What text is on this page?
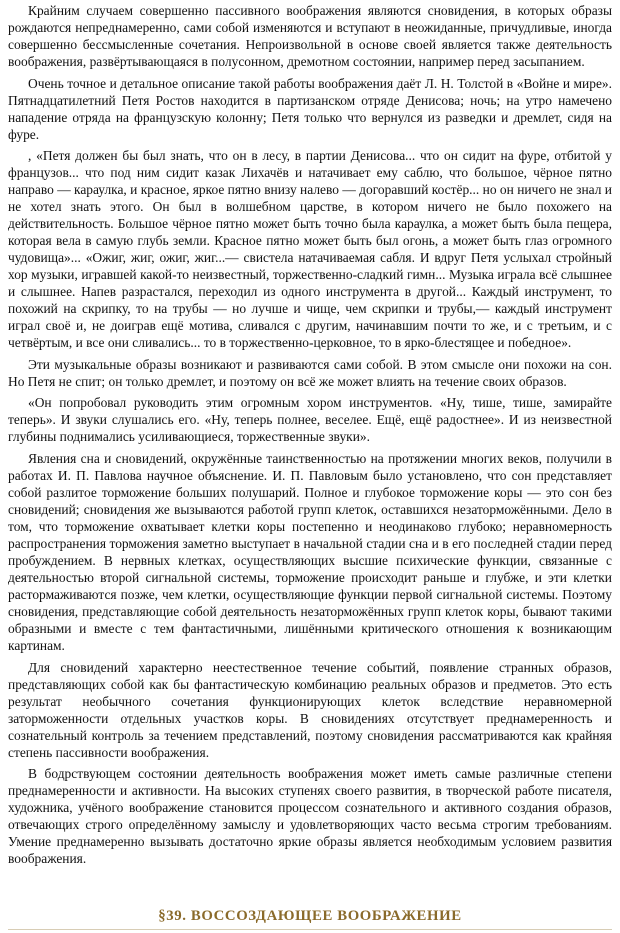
Крайним случаем совершенно пассивного воображения являются сновидения, в которых образы рождаются непреднамеренно, сами собой изменяются и вступают в неожиданные, причудливые, иногда совершенно бессмысленные сочетания. Непроизвольной в основе своей является также деятельность воображения, развёртывающаяся в полусонном, дремотном состоянии, например перед засыпанием.

Очень точное и детальное описание такой работы воображения даёт Л. Н. Толстой в «Войне и мире». Пятнадцатилетний Петя Ростов находится в партизанском отряде Денисова; ночь; на утро намечено нападение отряда на французскую колонну; Петя только что вернулся из разведки и дремлет, сидя на фуре.

, «Петя должен бы был знать, что он в лесу, в партии Денисова... что он сидит на фуре, отбитой у французов... что под ним сидит казак Лихачёв и натачивает ему саблю, что большое, чёрное пятно направо — караулка, и красное, яркое пятно внизу налево — догоравший костёр... но он ничего не знал и не хотел знать этого. Он был в волшебном царстве, в котором ничего не было похожего на действительность. Большое чёрное пятно может быть точно была караулка, а может быть была пещера, которая вела в самую глубь земли. Красное пятно может быть был огонь, а может быть глаз огромного чудовища»... «Ожиг, жиг, ожиг, жиг...— свистела натачиваемая сабля. И вдруг Петя услыхал стройный хор музыки, игравшей какой-то неизвестный, торжественно-сладкий гимн... Музыка играла всё слышнее и слышнее. Напев разрастался, переходил из одного инструмента в другой... Каждый инструмент, то похожий на скрипку, то на трубы — но лучше и чище, чем скрипки и трубы,— каждый инструмент играл своё и, не доиграв ещё мотива, сливался с другим, начинавшим почти то же, и с третьим, и с четвёртым, и все они сливались... то в торжественно-церковное, то в ярко-блестящее и победное».

Эти музыкальные образы возникают и развиваются сами собой. В этом смысле они похожи на сон. Но Петя не спит; он только дремлет, и поэтому он всё же может влиять на течение своих образов.

«Он попробовал руководить этим огромным хором инструментов. «Ну, тише, тише, замирайте теперь». И звуки слушались его. «Ну, теперь полнее, веселее. Ещё, ещё радостнее». И из неизвестной глубины поднимались усиливающиеся, торжественные звуки».

Явления сна и сновидений, окружённые таинственностью на протяжении многих веков, получили в работах И. П. Павлова научное объяснение. И. П. Павловым было установлено, что сон представляет собой разлитое торможение больших полушарий. Полное и глубокое торможение коры — это сон без сновидений; сновидения же вызываются работой групп клеток, оставшихся незаторможёнными. Дело в том, что торможение охватывает клетки коры постепенно и неодинаково глубоко; неравномерность распространения торможения заметно выступает в начальной стадии сна и в его последней стадии перед пробуждением. В нервных клетках, осуществляющих высшие психические функции, связанные с деятельностью второй сигнальной системы, торможение происходит раньше и глубже, и эти клетки растормаживаются позже, чем клетки, осуществляющие функции первой сигнальной системы. Поэтому сновидения, представляющие собой деятельность незаторможённых групп клеток коры, бывают такими образными и вместе с тем фантастичными, лишёнными критического отношения к возникающим картинам.

Для сновидений характерно неестественное течение событий, появление странных образов, представляющих собой как бы фантастическую комбинацию реальных образов и предметов. Это есть результат необычного сочетания функционирующих клеток вследствие неравномерной заторможенности отдельных участков коры. В сновидениях отсутствует преднамеренность и сознательный контроль за течением представлений, поэтому сновидения рассматриваются как крайняя степень пассивности воображения.

В бодрствующем состоянии деятельность воображения может иметь самые различные степени преднамеренности и активности. На высоких ступенях своего развития, в творческой работе писателя, художника, учёного воображение становится процессом сознательного и активного создания образов, отвечающих строго определённому замыслу и удовлетворяющих часто весьма строгим требованиям. Умение преднамеренно вызывать достаточно яркие образы является необходимым условием развития воображения.

§39. ВОССОЗДАЮЩЕЕ ВООБРАЖЕНИЕ
